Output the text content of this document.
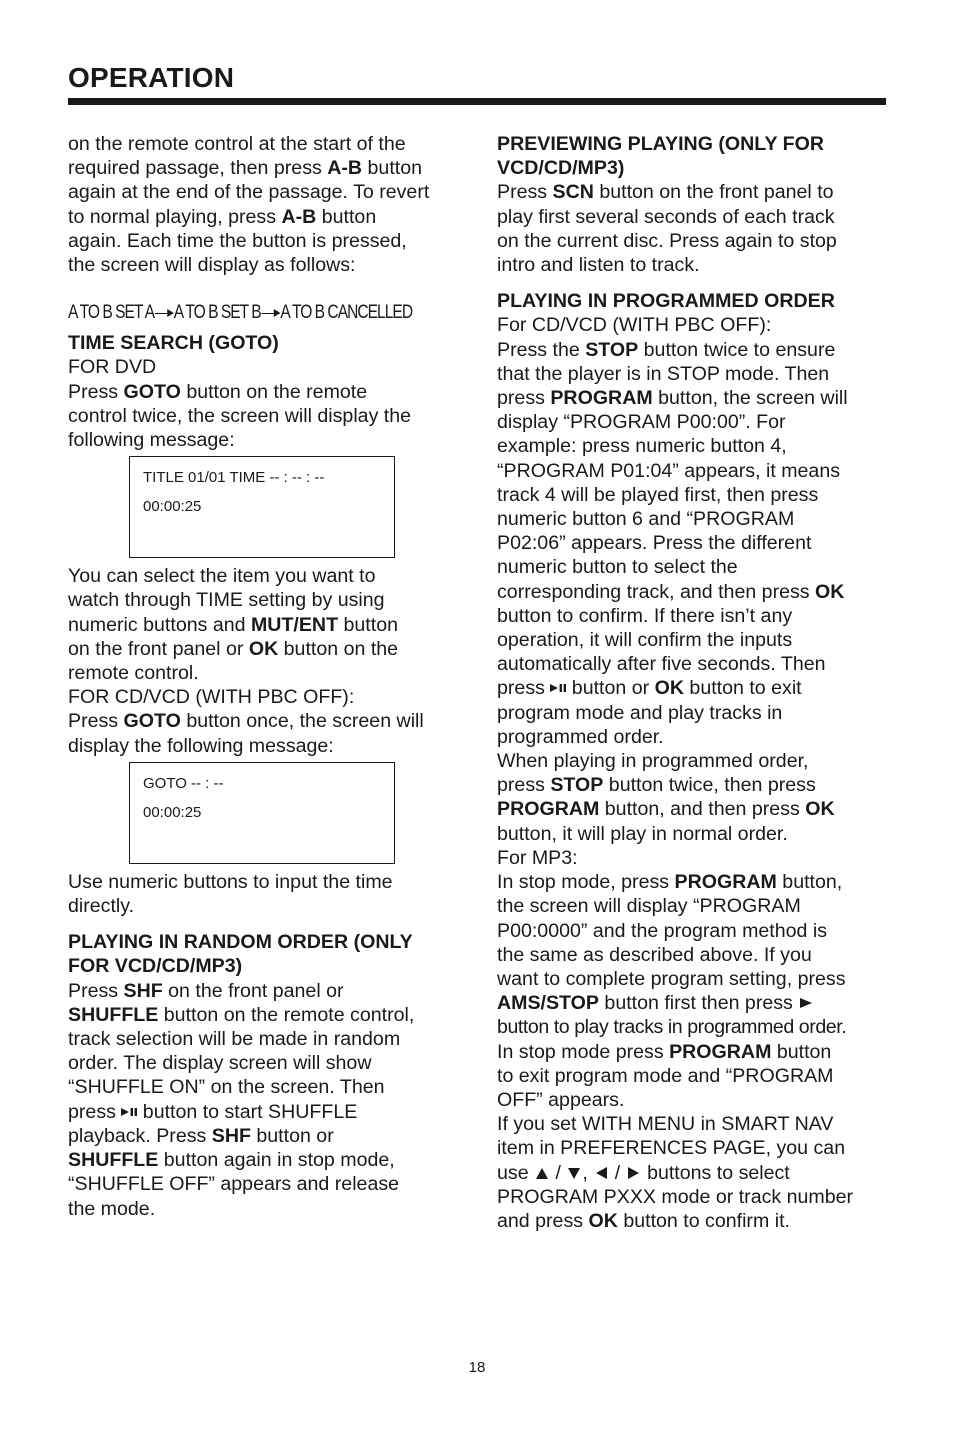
OPERATION
on the remote control at the start of the
required passage, then press A-B button
again at the end of the passage. To revert
to normal playing, press A-B button
again. Each time the button is pressed,
the screen will display as follows:
A TO B SET A A TO B SET B A TO B CANCELLED
TIME SEARCH (GOTO)
FOR DVD
Press GOTO button on the remote
control twice, the screen will display the
following message:
TITLE 01/01 TIME -- : -- : --
00:00:25
You can select the item you want to
watch through TIME setting by using
numeric buttons and MUT/ENT button
on the front panel or OK button on the
remote control.
FOR CD/VCD (WITH PBC OFF):
Press GOTO button once, the screen will
display the following message:
GOTO -- : --
00:00:25
Use numeric buttons to input the time
directly.
PLAYING IN RANDOM ORDER (ONLY
FOR VCD/CD/MP3)
Press SHF on the front panel or
SHUFFLE button on the remote control,
track selection will be made in random
order. The display screen will show
“SHUFFLE ON” on the screen. Then
press  button to start SHUFFLE
playback. Press SHF button or
SHUFFLE button again in stop mode,
“SHUFFLE OFF” appears and release
the mode.
PREVIEWING PLAYING (ONLY FOR
VCD/CD/MP3)
Press SCN button on the front panel to
play first several seconds of each track
on the current disc. Press again to stop
intro and listen to track.
PLAYING IN PROGRAMMED ORDER
For CD/VCD (WITH PBC OFF):
Press the STOP button twice to ensure
that the player is in STOP mode. Then
press PROGRAM button, the screen will
display “PROGRAM P00:00”. For
example: press numeric button 4,
“PROGRAM P01:04” appears, it means
track 4 will be played first, then press
numeric button 6 and “PROGRAM
P02:06” appears. Press the different
numeric button to select the
corresponding track, and then press OK
button to confirm. If there isn’t any
operation, it will confirm the inputs
automatically after five seconds. Then
press  button or OK button to exit
program mode and play tracks in
programmed order.
When playing in programmed order,
press STOP button twice, then press
PROGRAM button, and then press OK
button, it will play in normal order.
For MP3:
In stop mode, press PROGRAM button,
the screen will display “PROGRAM
P00:0000” and the program method is
the same as described above. If you
want to complete program setting, press
AMS/STOP button first then press
button to play tracks in programmed order.
In stop mode press PROGRAM button
to exit program mode and “PROGRAM
OFF” appears.
If you set WITH MENU in SMART NAV
item in PREFERENCES PAGE, you can
use  / ,  /  buttons to select
PROGRAM PXXX mode or track number
and press OK button to confirm it.
18
